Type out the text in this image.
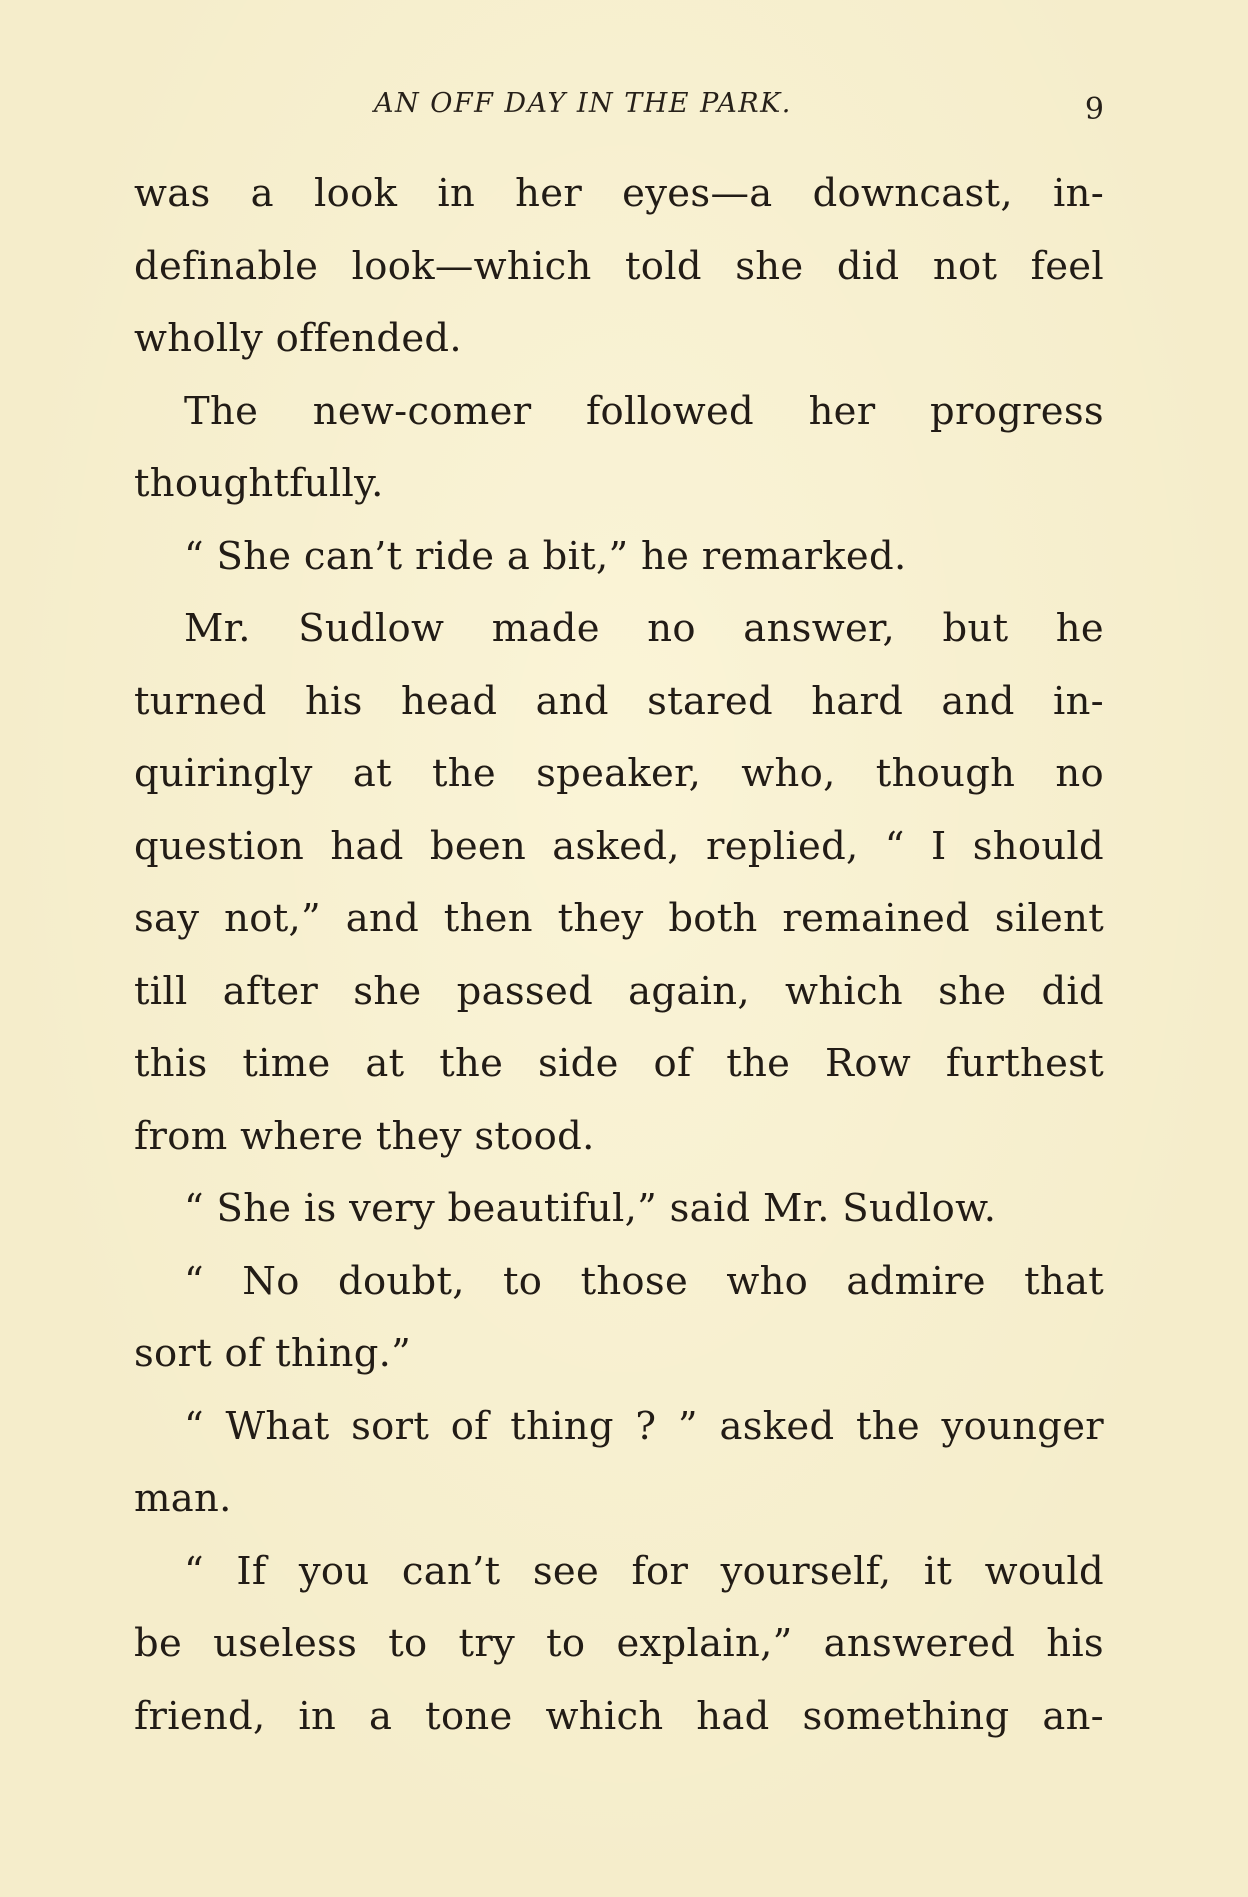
AN OFF DAY IN THE PARK.	9
was a look in her eyes—a downcast, in-
definable look—which told she did not feel
wholly offended.
The new-comer followed her progress
thoughtfully.
“ She can’t ride a bit,” he remarked.
Mr. Sudlow made no answer, but he
turned his head and stared hard and in-
quiringly at the speaker, who, though no
question had been asked, replied, “ I should
say not,” and then they both remained silent
till after she passed again, which she did
this time at the side of the Row furthest
from where they stood.
“ She is very beautiful,” said Mr. Sudlow.
“ No doubt, to those who admire that
sort of thing.”
“ What sort of thing ? ” asked the younger
man.
“ If you can’t see for yourself, it would
be useless to try to explain,” answered his
friend, in a tone which had something an-
